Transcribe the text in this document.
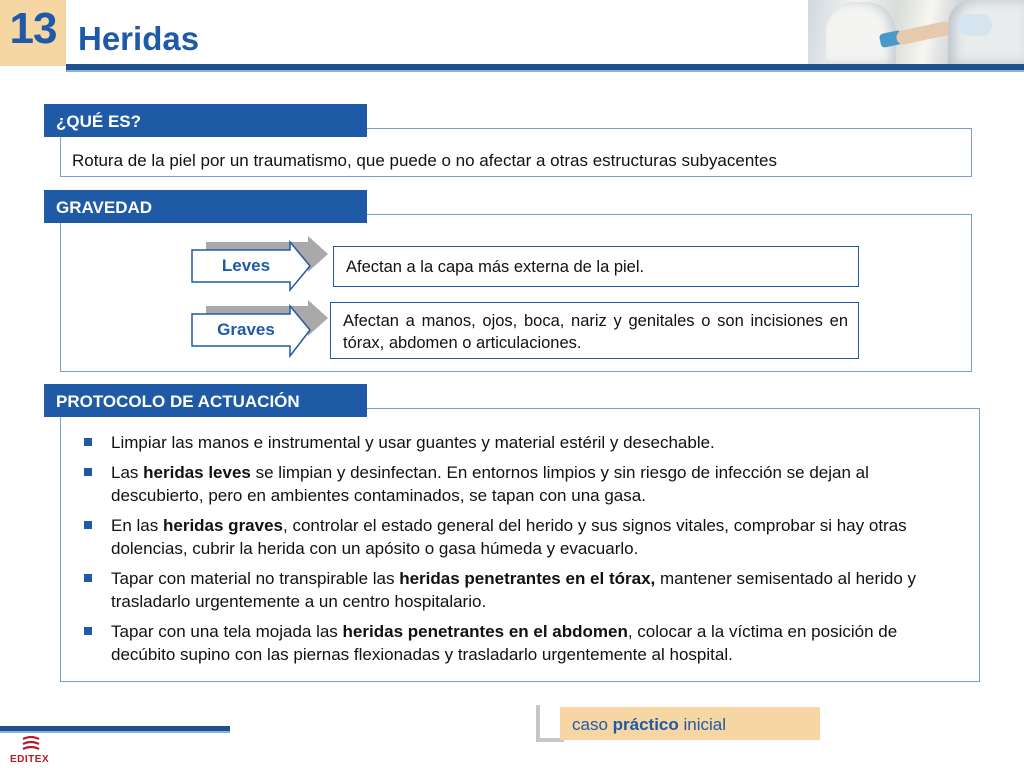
13 Heridas
¿QUÉ ES?
Rotura de la piel por un traumatismo, que puede o no afectar a otras estructuras subyacentes
GRAVEDAD
Leves	Afectan a la capa más externa de la piel.
Graves	Afectan a manos, ojos, boca, nariz y genitales o son incisiones en tórax, abdomen o articulaciones.
PROTOCOLO DE ACTUACIÓN
Limpiar las manos e instrumental y usar guantes y material estéril y desechable.
Las heridas leves se limpian y desinfectan. En entornos limpios y sin riesgo de infección se dejan al descubierto, pero en ambientes contaminados, se tapan con una gasa.
En las heridas graves, controlar el estado general del herido y sus signos vitales, comprobar si hay otras dolencias, cubrir la herida con un apósito o gasa húmeda y evacuarlo.
Tapar con material no transpirable las heridas penetrantes en el tórax, mantener semisentado al herido y trasladarlo urgentemente a un centro hospitalario.
Tapar con una tela mojada las heridas penetrantes en el abdomen, colocar a la víctima en posición de decúbito supino con las piernas flexionadas y trasladarlo urgentemente al hospital.
caso práctico inicial
EDITEX
